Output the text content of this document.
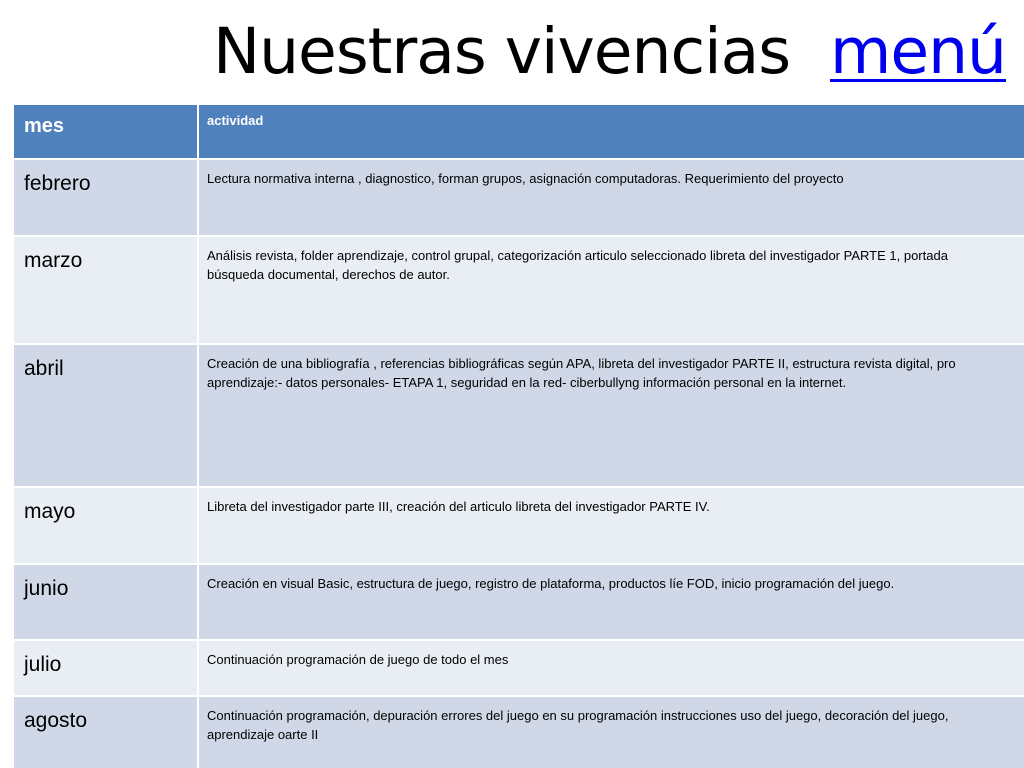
Nuestras vivencias menú
mes	actividad
febrero	Lectura normativa interna , diagnostico, forman grupos, asignación computadoras. Requerimiento del proyecto

marzo	Análisis revista, folder aprendizaje, control grupal, categorización articulo seleccionado libreta del investigador PARTE 1, portada
búsqueda documental, derechos de autor.

abril	Creación de una bibliografía , referencias bibliográficas según APA, libreta del investigador PARTE II, estructura revista digital, pro
aprendizaje:- datos personales- ETAPA 1, seguridad en la red- ciberbullyng información personal en la internet.

mayo	Libreta del investigador parte III, creación del articulo libreta del investigador PARTE IV.

junio	Creación en visual Basic, estructura de juego, registro de plataforma, productos líe FOD, inicio programación del juego.

julio	Continuación programación de juego de todo el mes

agosto	Continuación programación, depuración errores del juego en su programación instrucciones uso del juego, decoración del juego,
aprendizaje oarte II
